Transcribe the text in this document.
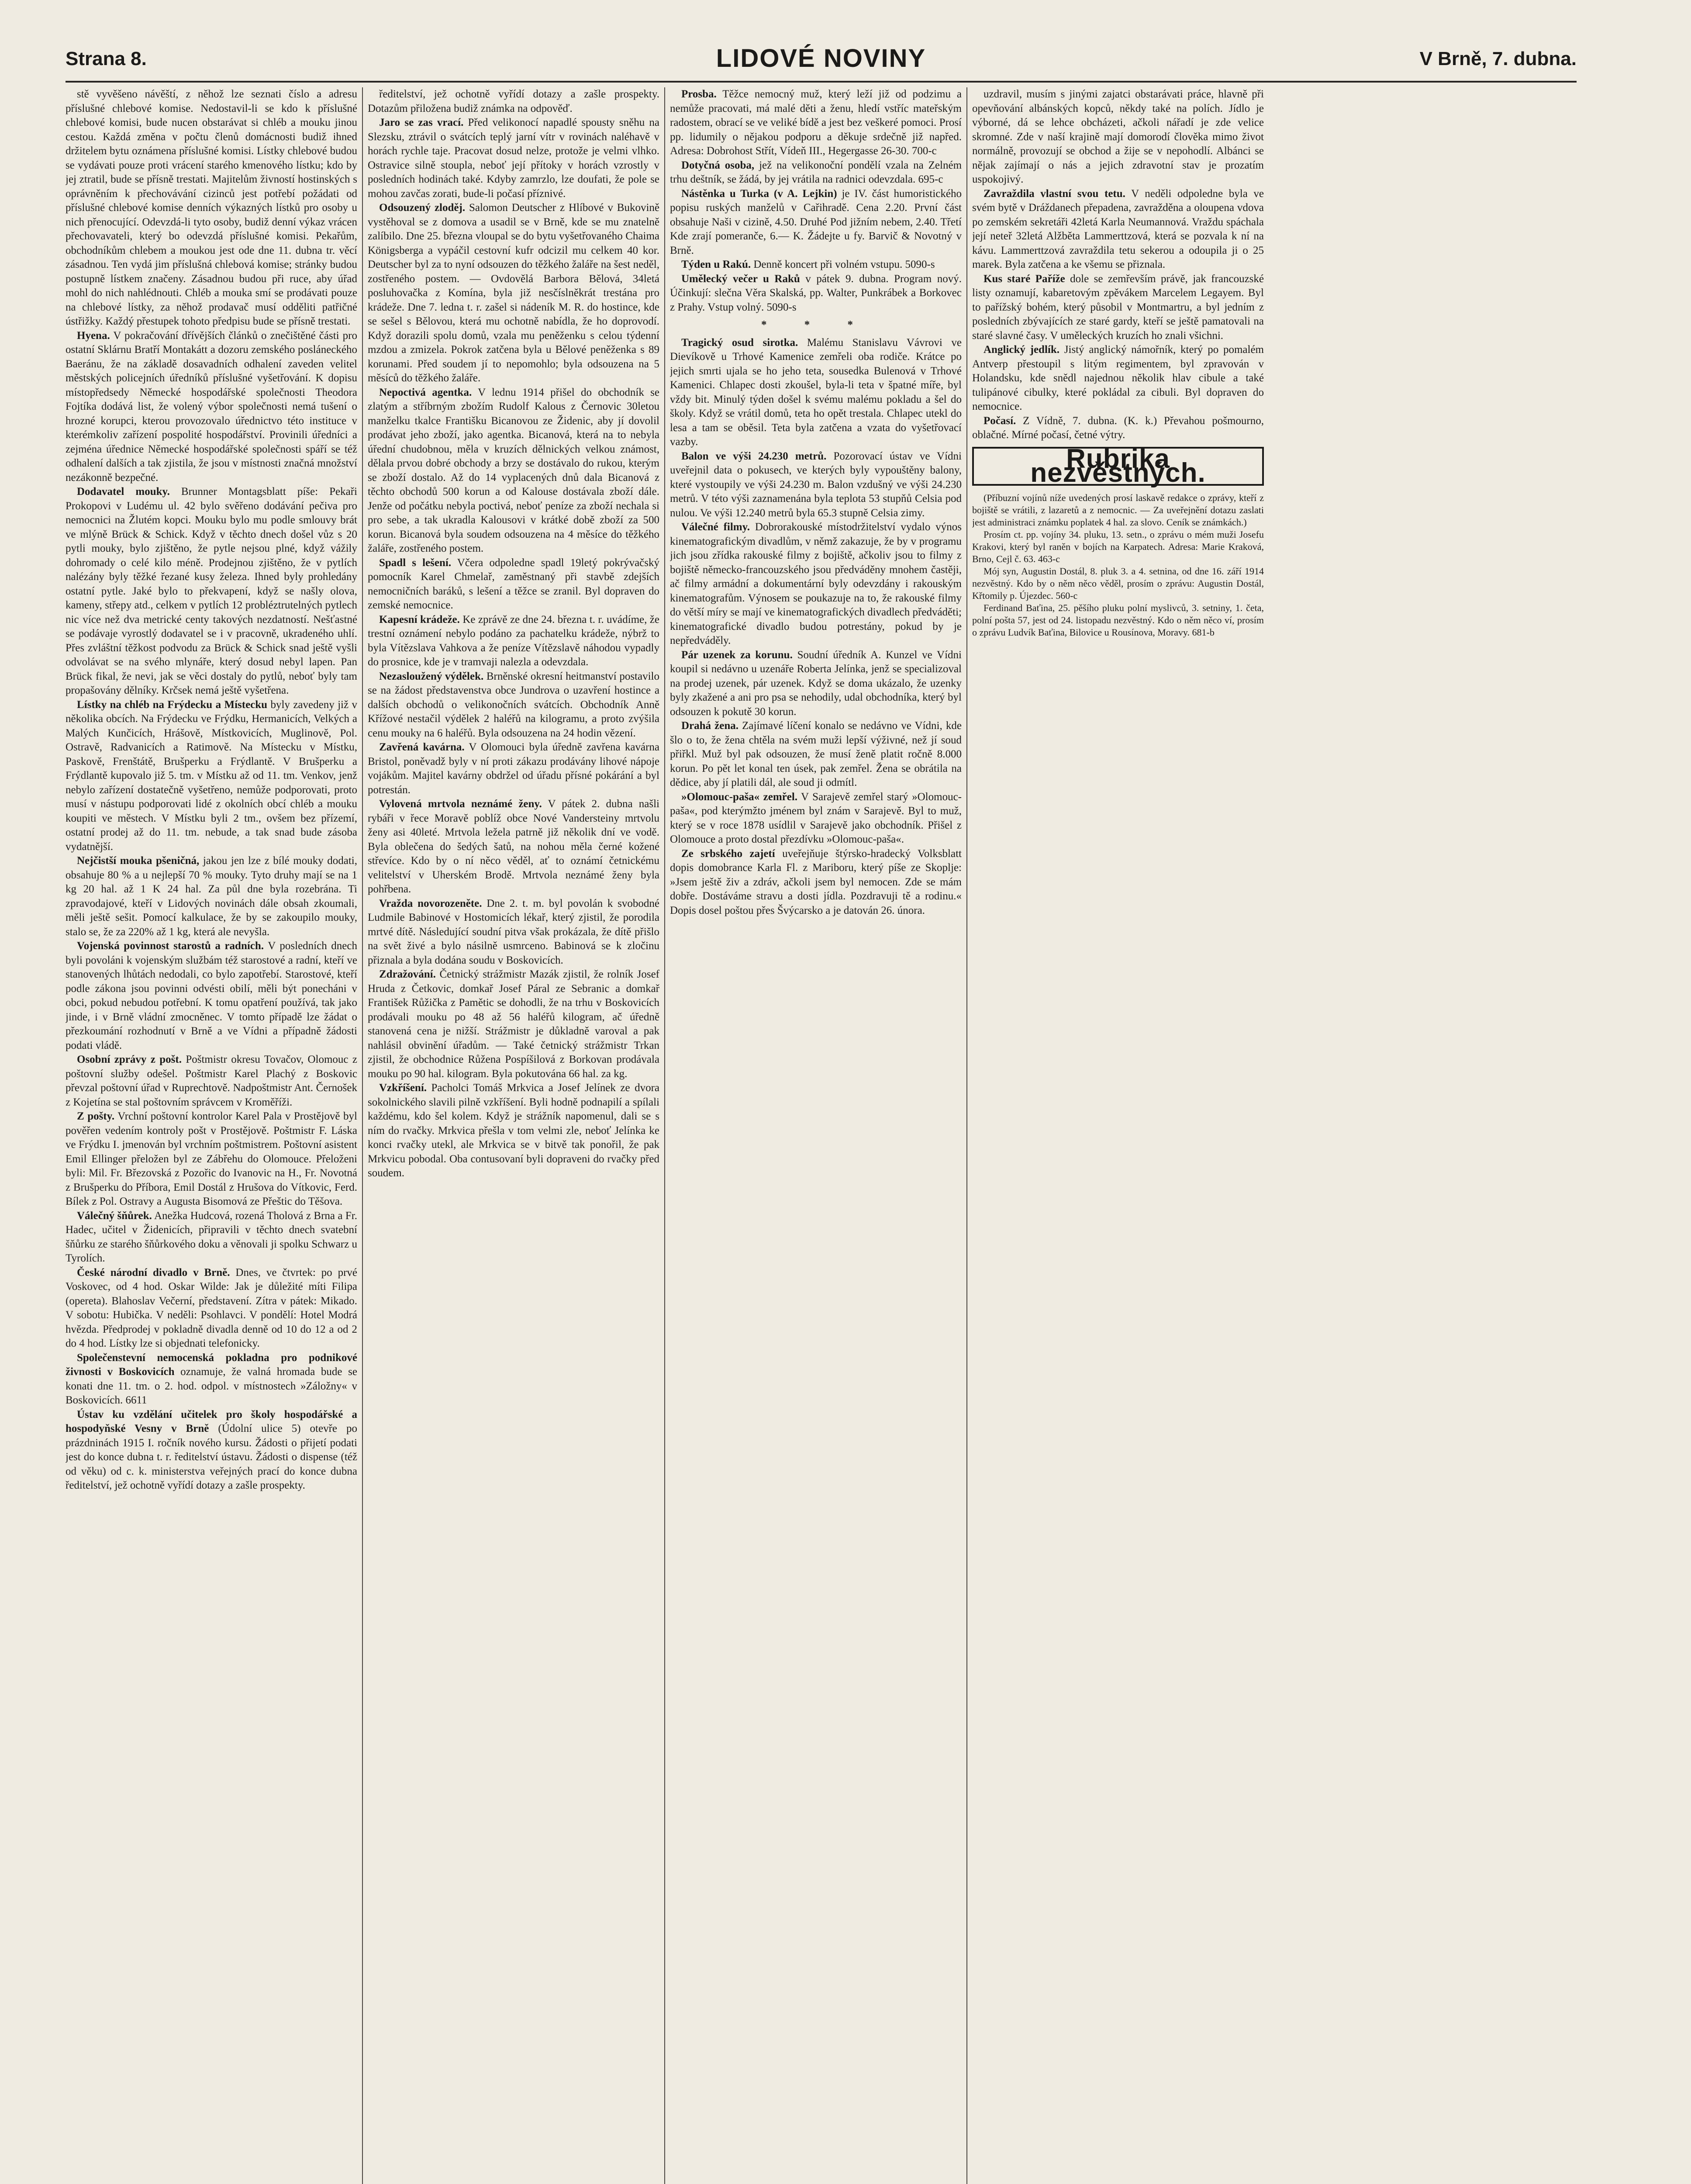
Strana 8.	LIDOVÉ NOVINY	V Brně, 7. dubna.

stě vyvěšeno návěští, z něhož lze seznati číslo a adresu příslušné chlebové komise. Nedostavil-li se kdo k příslušné chlebové komisi, bude nucen obstarávat si chléb a mouku jinou cestou. Každá změna v počtu členů domácnosti budiž ihned držitelem bytu oznámena příslušné komisi. Lístky chlebové budou se vydávati pouze proti vrácení starého kmenového lístku; kdo by jej ztratil, bude se přísně trestati. Majitelům živností hostinských s oprávněním k přechovávání cizinců jest potřebí požádati od příslušné chlebové komise denních výkazných lístků pro osoby u nich přenocující. Odevzdá-li tyto osoby, budiž denní výkaz vrácen přechovavateli, který bo odevzdá příslušné komisi. Pekařům, obchodníkům chlebem a moukou jest ode dne 11. dubna tr. věcí zásadnou. Ten vydá jim příslušná chlebová komise; stránky budou postupně lístkem značeny. Zásadnou budou při ruce, aby úřad mohl do nich nahlédnouti. Chléb a mouka smí se prodávati pouze na chlebové lístky, za něhož prodavač musí odděliti patřičné ústřižky. Každý přestupek tohoto předpisu bude se přísně trestati.

Hyena. V pokračování dřívějších článků o znečištěné části pro ostatní Sklárnu Bratří Montakátt a dozoru zemského posláneckého Baeránu, že na základě dosavadních odhalení zaveden velitel městských policejních úředníků příslušné vyšetřování. K dopisu místopředsedy Německé hospodářské společnosti Theodora Fojtíka dodává list, že volený výbor společnosti nemá tušení o hrozné korupci, kterou provozovalo úřednictvo této instituce v kterémkoliv zařízení pospolité hospodářství. Provinili úředníci a zejména úřednice Německé hospodářské společnosti spáří se též odhalení dalších a tak zjistila, že jsou v místnosti značná množství nezákonně bezpečné.

Dodavatel mouky. Brunner Montagsblatt píše: Pekaři Prokopovi v Ludému ul. 42 bylo svěřeno dodávání pečiva pro nemocnici na Žlutém kopci. Mouku bylo mu podle smlouvy brát ve mlýně Brück & Schick. Když v těchto dnech došel vůz s 20 pytli mouky, bylo zjištěno, že pytle nejsou plné, když vážily dohromady o celé kilo méně. Prodejnou zjištěno, že v pytlích nalézány byly těžké řezané kusy železa. Ihned byly prohledány ostatní pytle. Jaké bylo to překvapení, když se našly olova, kameny, střepy atd., celkem v pytlích 12 probléztrutelných pytlech nic více než dva metrické centy takových nezdatností. Nešťastné se podávaje vyrostlý dodavatel se i v pracovně, ukradeného uhlí. Přes zvláštní těžkost podvodu za Brück & Schick snad ještě vyšli odvolávat se na svého mlynáře, který dosud nebyl lapen. Pan Brück fikal, že nevi, jak se věci dostaly do pytlů, neboť byly tam propašovány dělníky. Krčsek nemá ještě vyšetřena.

Lístky na chléb na Frýdecku a Místecku byly zavedeny již v několika obcích. Na Frýdecku ve Frýdku, Hermanicích, Velkých a Malých Kunčicích, Hrášově, Místkovicích, Muglinově, Pol. Ostravě, Radvanicích a Ratimově. Na Místecku v Místku, Paskově, Frenštátě, Brušperku a Frýdlantě. V Brušperku a Frýdlantě kupovalo již 5. tm. v Místku až od 11. tm. Venkov, jenž nebylo zařízení dostatečně vyšetřeno, nemůže podporovati, proto musí v nástupu podporovati lidé z okolních obcí chléb a mouku koupiti ve městech. V Místku byli 2 tm., ovšem bez přízemí, ostatní prodej až do 11. tm. nebude, a tak snad bude zásoba vydatnější.

Nejčistší mouka pšeničná, jakou jen lze z bílé mouky dodati, obsahuje 80 % a u nejlepší 70 % mouky. Tyto druhy mají se na 1 kg 20 hal. až 1 K 24 hal. Za půl dne byla rozebrána. Ti zpravodajové, kteří v Lidových novinách dále obsah zkoumali, měli ještě sešit. Pomocí kalkulace, že by se zakoupilo mouky, stalo se, že za 220% až 1 kg, která ale nevyšla.

Vojenská povinnost starostů a radních. V posledních dnech byli povoláni k vojenským službám též starostové a radní, kteří ve stanovených lhůtách nedodali, co bylo zapotřebí. Starostové, kteří podle zákona jsou povinni odvésti obilí, měli být ponecháni v obci, pokud nebudou potřební. K tomu opatření používá, tak jako jinde, i v Brně vládní zmocněnec. V tomto případě lze žádat o přezkoumání rozhodnutí v Brně a ve Vídni a případně žádosti podati vládě.

Osobní zprávy z pošt. Poštmistr okresu Tovačov, Olomouc z poštovní služby odešel. Poštmistr Karel Plachý z Boskovic převzal poštovní úřad v Ruprechtově. Nadpoštmistr Ant. Černošek z Kojetína se stal poštovním správcem v Kroměříži.

Z pošty. Vrchní poštovní kontrolor Karel Pala v Prostějově byl pověřen vedením kontroly pošt v Prostějově. Poštmistr F. Láska ve Frýdku I. jmenován byl vrchním poštmistrem. Poštovní asistent Emil Ellinger přeložen byl ze Zábřehu do Olomouce. Přeloženi byli: Mil. Fr. Březovská z Pozořic do Ivanovic na H., Fr. Novotná z Brušperku do Příbora, Emil Dostál z Hrušova do Vítkovic, Ferd. Bílek z Pol. Ostravy a Augusta Bisomová ze Přeštic do Těšova.

Válečný šňůrek. Anežka Hudcová, rozená Tholová z Brna a Fr. Hadec, učitel v Židenicích, připravili v těchto dnech svatební šňůrku ze starého šňůrkového doku a věnovali ji spolku Schwarz u Tyrolích.

České národní divadlo v Brně. Dnes, ve čtvrtek: po prvé Voskovec, od 4 hod. Oskar Wilde: Jak je důležité míti Filipa (opereta). Blahoslav Večerní, představení. Zítra v pátek: Mikado. V sobotu: Hubička. V neděli: Psohlavci. V pondělí: Hotel Modrá hvězda. Předprodej v pokladně divadla denně od 10 do 12 a od 2 do 4 hod. Lístky lze si objednati telefonicky.

Společenstevní nemocenská pokladna pro podnikové živnosti v Boskovicích oznamuje, že valná hromada bude se konati dne 11. tm. o 2. hod. odpol. v místnostech »Záložny« v Boskovicích. 6611

Ústav ku vzdělání učitelek pro školy hospodářské a hospodyňské Vesny v Brně (Údolní ulice 5) otevře po prázdninách 1915 I. ročník nového kursu. Žádosti o přijetí podati jest do konce dubna t. r. ředitelství ústavu. Žádosti o dispense (též od věku) od c. k. ministerstva veřejných prací do konce dubna ředitelství, jež ochotně vyřídí dotazy a zašle prospekty.

ředitelství, jež ochotně vyřídí dotazy a zašle prospekty. Dotazům přiložena budiž známka na odpověď.

Jaro se zas vrací. Před velikonocí napadlé spousty sněhu na Slezsku, ztrávil o svátcích teplý jarní vítr v rovinách naléhavě v horách rychle taje. Pracovat dosud nelze, protože je velmi vlhko. Ostravice silně stoupla, neboť její přítoky v horách vzrostly v posledních hodinách také. Kdyby zamrzlo, lze doufati, že pole se mohou zavčas zorati, bude-li počasí příznivé.

Odsouzený zloděj. Salomon Deutscher z Hlíbové v Bukovině vystěhoval se z domova a usadil se v Brně, kde se mu znatelně zalíbilo. Dne 25. března vloupal se do bytu vyšetřovaného Chaima Königsberga a vypáčil cestovní kufr odcizil mu celkem 40 kor. Deutscher byl za to nyní odsouzen do těžkého žaláře na šest neděl, zostřeného postem. — Ovdovělá Barbora Bělová, 34letá posluhovačka z Komína, byla již nesčíslněkrát trestána pro krádeže. Dne 7. ledna t. r. zašel si nádeník M. R. do hostince, kde se sešel s Bělovou, která mu ochotně nabídla, že ho doprovodí. Když dorazili spolu domů, vzala mu peněženku s celou týdenní mzdou a zmizela. Pokrok zatčena byla u Bělové peněženka s 89 korunami. Před soudem jí to nepomohlo; byla odsouzena na 5 měsíců do těžkého žaláře.

Nepoctivá agentka. V lednu 1914 přišel do obchodník se zlatým a stříbrným zbožím Rudolf Kalous z Černovic 30letou manželku tkalce Františku Bicanovou ze Židenic, aby jí dovolil prodávat jeho zboží, jako agentka. Bicanová, která na to nebyla úřední chudobnou, měla v kruzích dělnických velkou známost, dělala prvou dobré obchody a brzy se dostávalo do rukou, kterým se zboží dostalo. Až do 14 vyplacených dnů dala Bicanová z těchto obchodů 500 korun a od Kalouse dostávala zboží dále. Jenže od počátku nebyla poctivá, neboť peníze za zboží nechala si pro sebe, a tak ukradla Kalousovi v krátké době zboží za 500 korun. Bicanová byla soudem odsouzena na 4 měsíce do těžkého žaláře, zostřeného postem.

Spadl s lešení. Včera odpoledne spadl 19letý pokrývačský pomocník Karel Chmelař, zaměstnaný při stavbě zdejších nemocničních baráků, s lešení a těžce se zranil. Byl dopraven do zemské nemocnice.

Kapesní krádeže. Ke zprávě ze dne 24. března t. r. uvádíme, že trestní oznámení nebylo podáno za pachatelku krádeže, nýbrž to byla Vítězslava Vahkova a že peníze Vítězslavě náhodou vypadly do prosnice, kde je v tramvaji nalezla a odevzdala.

Nezasloužený výdělek. Brněnské okresní heitmanství postavilo se na žádost představenstva obce Jundrova o uzavření hostince a dalších obchodů o velikonočních svátcích. Obchodník Anně Křížové nestačil výdělek 2 haléřů na kilogramu, a proto zvýšila cenu mouky na 6 haléřů. Byla odsouzena na 24 hodin vězení.

Zavřená kavárna. V Olomouci byla úředně zavřena kavárna Bristol, poněvadž byly v ní proti zákazu prodávány lihové nápoje vojákům. Majitel kavárny obdržel od úřadu přísné pokárání a byl potrestán.

Vylovená mrtvola neznámé ženy. V pátek 2. dubna našli rybáři v řece Moravě poblíž obce Nové Vandersteiny mrtvolu ženy asi 40leté. Mrtvola ležela patrně již několik dní ve vodě. Byla oblečena do šedých šatů, na nohou měla černé kožené střevíce. Kdo by o ní něco věděl, ať to oznámí četnickému velitelství v Uherském Brodě. Mrtvola neznámé ženy byla pohřbena.

Vražda novorozeněte. Dne 2. t. m. byl povolán k svobodné Ludmile Babinové v Hostomicích lékař, který zjistil, že porodila mrtvé dítě. Následující soudní pitva však prokázala, že dítě přišlo na svět živé a bylo násilně usmrceno. Babinová se k zločinu přiznala a byla dodána soudu v Boskovicích.

Zdražování. Četnický strážmistr Mazák zjistil, že rolník Josef Hruda z Četkovic, domkař Josef Páral ze Sebranic a domkař František Růžička z Pamětic se dohodli, že na trhu v Boskovicích prodávali mouku po 48 až 56 haléřů kilogram, ač úředně stanovená cena je nižší. Strážmistr je důkladně varoval a pak nahlásil obvinění úřadům. — Také četnický strážmistr Trkan zjistil, že obchodnice Růžena Pospíšilová z Borkovan prodávala mouku po 90 hal. kilogram. Byla pokutována 66 hal. za kg.

Vzkříšení. Pacholci Tomáš Mrkvica a Josef Jelínek ze dvora sokolnického slavili pilně vzkříšení. Byli hodně podnapilí a spílali každému, kdo šel kolem. Když je strážník napomenul, dali se s ním do rvačky. Mrkvica přešla v tom velmi zle, neboť Jelínka ke konci rvačky utekl, ale Mrkvica se v bitvě tak ponořil, že pak Mrkvicu pobodal. Oba contusovaní byli dopraveni do rvačky před soudem.

Prosba. Těžce nemocný muž, který leží již od podzimu a nemůže pracovati, má malé děti a ženu, hledí vstříc mateřským radostem, obrací se ve veliké bídě a jest bez veškeré pomoci. Prosí pp. lidumily o nějakou podporu a děkuje srdečně již napřed. Adresa: Dobrohost Střít, Vídeň III., Hegergasse 26-30. 700-c

Dotyčná osoba, jež na velikonoční pondělí vzala na Zelném trhu deštník, se žádá, by jej vrátila na radnici odevzdala. 695-c

Nástěnka u Turka (v A. Lejkin) je IV. část humoristického popisu ruských manželů v Cařihradě. Cena 2.20. První část obsahuje Naši v cizině, 4.50. Druhé Pod jižním nebem, 2.40. Třetí Kde zrají pomeranče, 6.— K. Žádejte u fy. Barvič & Novotný v Brně.

Týden u Rakú. Denně koncert při volném vstupu. 5090-s

Umělecký večer u Raků v pátek 9. dubna. Program nový. Účinkují: slečna Věra Skalská, pp. Walter, Punkrábek a Borkovec z Prahy. Vstup volný. 5090-s

* * *

Tragický osud sirotka. Malému Stanislavu Vávrovi ve Dievíkově u Trhové Kamenice zemřeli oba rodiče. Krátce po jejich smrti ujala se ho jeho teta, sousedka Bulenová v Trhové Kamenici. Chlapec dosti zkoušel, byla-li teta v špatné míře, byl vždy bit. Minulý týden došel k svému malému pokladu a šel do školy. Když se vrátil domů, teta ho opět trestala. Chlapec utekl do lesa a tam se oběsil. Teta byla zatčena a vzata do vyšetřovací vazby.

Balon ve výši 24.230 metrů. Pozorovací ústav ve Vídni uveřejnil data o pokusech, ve kterých byly vypouštěny balony, které vystoupily ve výši 24.230 m. Balon vzdušný ve výši 24.230 metrů. V této výši zaznamenána byla teplota 53 stupňů Celsia pod nulou. Ve výši 12.240 metrů byla 65.3 stupně Celsia zimy.

Válečné filmy. Dobrorakouské místodržitelství vydalo výnos kinematografickým divadlům, v němž zakazuje, že by v programu jich jsou zřídka rakouské filmy z bojiště, ačkoliv jsou to filmy z bojiště německo-francouzského jsou předváděny mnohem častěji, ač filmy armádní a dokumentární byly odevzdány i rakouským kinematografům. Výnosem se poukazuje na to, že rakouské filmy do větší míry se mají ve kinematografických divadlech předváděti; kinematografické divadlo budou potrestány, pokud by je nepředváděly.

Pár uzenek za korunu. Soudní úředník A. Kunzel ve Vídni koupil si nedávno u uzenáře Roberta Jelínka, jenž se specializoval na prodej uzenek, pár uzenek. Když se doma ukázalo, že uzenky byly zkažené a ani pro psa se nehodily, udal obchodníka, který byl odsouzen k pokutě 30 korun.

Drahá žena. Zajímavé líčení konalo se nedávno ve Vídni, kde šlo o to, že žena chtěla na svém muži lepší výživné, než jí soud přiřkl. Muž byl pak odsouzen, že musí ženě platit ročně 8.000 korun. Po pět let konal ten úsek, pak zemřel. Žena se obrátila na dědice, aby jí platili dál, ale soud ji odmítl.

»Olomouc-paša« zemřel. V Sarajevě zemřel starý »Olomouc-paša«, pod kterýmžto jménem byl znám v Sarajevě. Byl to muž, který se v roce 1878 usídlil v Sarajevě jako obchodník. Přišel z Olomouce a proto dostal přezdívku »Olomouc-paša«.

Ze srbského zajetí uveřejňuje štýrsko-hradecký Volksblatt dopis domobrance Karla Fl. z Mariboru, který píše ze Skoplje: »Jsem ještě živ a zdráv, ačkoli jsem byl nemocen. Zde se mám dobře. Dostáváme stravu a dosti jídla. Pozdravuji tě a rodinu.« Dopis dosel poštou přes Švýcarsko a je datován 26. února.

uzdravil, musím s jinými zajatci obstarávati práce, hlavně při opevňování albánských kopců, někdy také na polích. Jídlo je výborné, dá se lehce obcházeti, ačkoli nářadí je zde velice skromné. Zde v naší krajině mají domorodí člověka mimo život normálně, provozují se obchod a žije se v nepohodlí. Albánci se nějak zajímají o nás a jejich zdravotní stav je prozatím uspokojivý.

Zavraždila vlastní svou tetu. V neděli odpoledne byla ve svém bytě v Dráždanech přepadena, zavražděna a oloupena vdova po zemském sekretáři 42letá Karla Neumannová. Vraždu spáchala její neteř 32letá Alžběta Lammerttzová, která se pozvala k ní na kávu. Lammerttzová zavraždila tetu sekerou a odoupila ji o 25 marek. Byla zatčena a ke všemu se přiznala.

Kus staré Paříže dole se zemřevším právě, jak francouzské listy oznamují, kabaretovým zpěvákem Marcelem Legayem. Byl to pařížský bohém, který působil v Montmartru, a byl jedním z posledních zbývajících ze staré gardy, kteří se ještě pamatovali na staré slavné časy. V uměleckých kruzích ho znali všichni.

Anglický jedlík. Jistý anglický námořník, který po pomalém Antverp přestoupil s litým regimentem, byl zpravován v Holandsku, kde snědl najednou několik hlav cibule a také tulipánové cibulky, které pokládal za cibuli. Byl dopraven do nemocnice.

Počasí. Z Vídně, 7. dubna. (K. k.) Převahou pošmourno, oblačné. Mírné počasí, četné výtry.

Rubrika nezvěstných.

(Příbuzní vojínů níže uvedených prosí laskavě redakce o zprávy, kteří z bojiště se vrátili, z lazaretů a z nemocnic. — Za uveřejnění dotazu zaslati jest administraci známku poplatek 4 hal. za slovo. Ceník se známkách.)

Prosím ct. pp. vojíny 34. pluku, 13. setn., o zprávu o mém muži Josefu Krakovi, který byl raněn v bojích na Karpatech. Adresa: Marie Kraková, Brno, Cejl č. 63. 463-c

Mój syn, Augustin Dostál, 8. pluk 3. a 4. setnina, od dne 16. září 1914 nezvěstný. Kdo by o něm něco věděl, prosím o zprávu: Augustin Dostál, Křtomily p. Újezdec. 560-c

Ferdinand Baťina, 25. pěšího pluku polní myslivců, 3. setniny, 1. četa, polní pošta 57, jest od 24. listopadu nezvěstný. Kdo o něm něco ví, prosím o zprávu Ludvík Baťina, Bilovice u Rousínova, Moravy. 681-b
